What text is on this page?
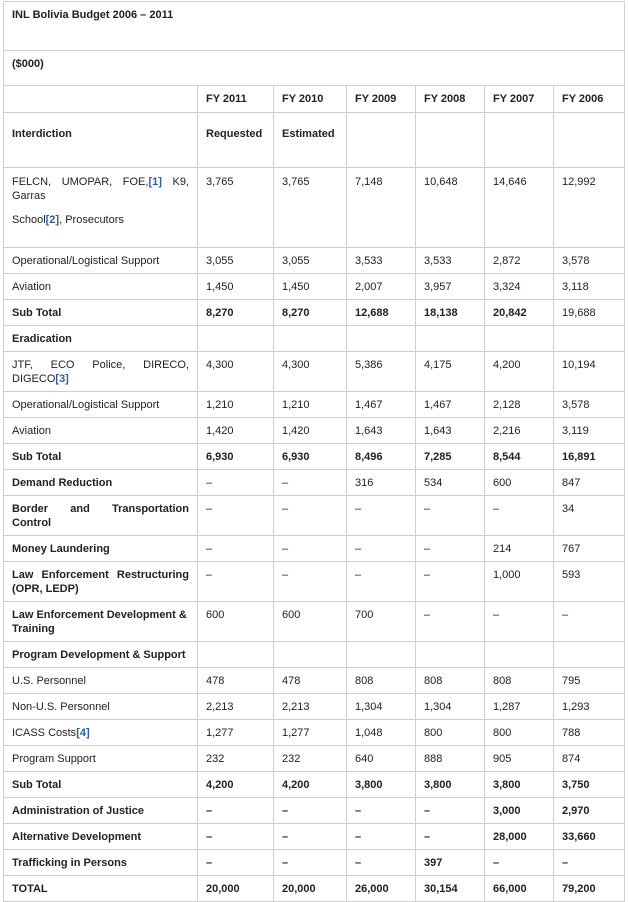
INL Bolivia Budget 2006 – 2011						
($000)						
	FY 2011	FY 2010	FY 2009	FY 2008	FY 2007	FY 2006
Interdiction	Requested	Estimated				
FELCN, UMOPAR, FOE,[1] K9, Garras
School[2], Prosecutors	3,765	3,765	7,148	10,648	14,646	12,992
Operational/Logistical Support	3,055	3,055	3,533	3,533	2,872	3,578
Aviation	1,450	1,450	2,007	3,957	3,324	3,118
Sub Total	8,270	8,270	12,688	18,138	20,842	19,688
Eradication						
JTF, ECO Police, DIRECO, DIGECO[3]	4,300	4,300	5,386	4,175	4,200	10,194
Operational/Logistical Support	1,210	1,210	1,467	1,467	2,128	3,578
Aviation	1,420	1,420	1,643	1,643	2,216	3,119
Sub Total	6,930	6,930	8,496	7,285	8,544	16,891
Demand Reduction	–	–	316	534	600	847
Border and Transportation Control	–	–	–	–	–	34
Money Laundering	–	–	–	–	214	767
Law Enforcement Restructuring (OPR, LEDP)	–	–	–	–	1,000	593
Law Enforcement Development & Training	600	600	700	–	–	–
Program Development & Support						
U.S. Personnel	478	478	808	808	808	795
Non-U.S. Personnel	2,213	2,213	1,304	1,304	1,287	1,293
ICASS Costs[4]	1,277	1,277	1,048	800	800	788
Program Support	232	232	640	888	905	874
Sub Total	4,200	4,200	3,800	3,800	3,800	3,750
Administration of Justice	–	–	–	–	3,000	2,970
Alternative Development	–	–	–	–	28,000	33,660
Trafficking in Persons	–	–	–	397	–	–
TOTAL	20,000	20,000	26,000	30,154	66,000	79,200
